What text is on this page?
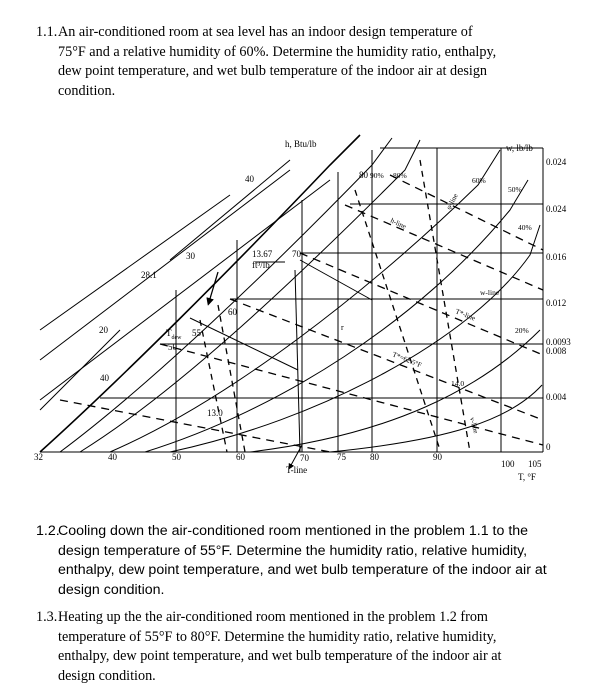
1.1. An air-conditioned room at sea level has an indoor design temperature of
75°F and a relative humidity of 60%. Determine the humidity ratio, enthalpy,
dew point temperature, and wet bulb temperature of the indoor air at design
condition.
h, Btu/lb	w, lb/lb
T, °F
T-line
0.024
0.024
0.016
0.012
0.0093
0.008
0.004
0
32	40	50	60	70	75	80	90
100 105
20
28.1
30
40	80
40
50
55
60
13.0
13.67
ft³/lb
70
90% 80%
60%
50%
40%
20%
φ-line
h-line
w-line
T*-line
T*=62.5°F
14.0
v-line
$T_{dew}$
r
1.2.
Cooling down the air-conditioned room mentioned in the problem 1.1 to the
design temperature of 55°F. Determine the humidity ratio, relative humidity,
enthalpy, dew point temperature, and wet bulb temperature of the indoor air at
design condition.
1.3. Heating up the the air-conditioned room mentioned in the problem 1.2 from
temperature of 55°F to 80°F. Determine the humidity ratio, relative humidity,
enthalpy, dew point temperature, and wet bulb temperature of the indoor air at
design condition.
